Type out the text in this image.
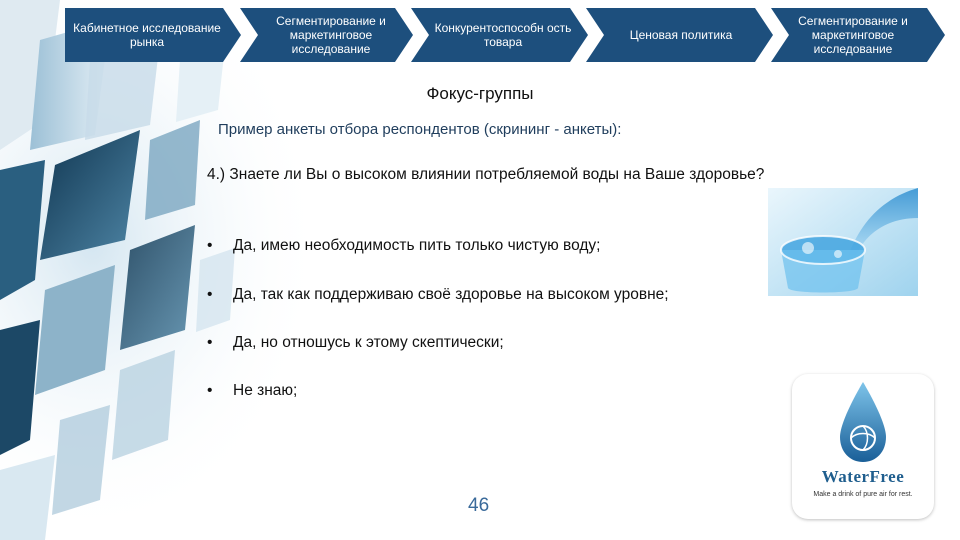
Кабинетное исследование рынка
Сегментирование и маркетинговое исследование
Конкурентоспособн ость товара	Ценовая политика
Сегментирование и маркетинговое исследование
Фокус-группы
Пример анкеты отбора респондентов (скрининг - анкеты):
4.) Знаете ли Вы о высоком влиянии потребляемой воды на Ваше здоровье?
• Да, имею необходимость пить только чистую воду;
• Да, так как поддерживаю своё здоровье на высоком уровне;
• Да, но отношусь к этому скептически;
• Не знаю;
WaterFree
Make a drink of pure air for rest.
46
